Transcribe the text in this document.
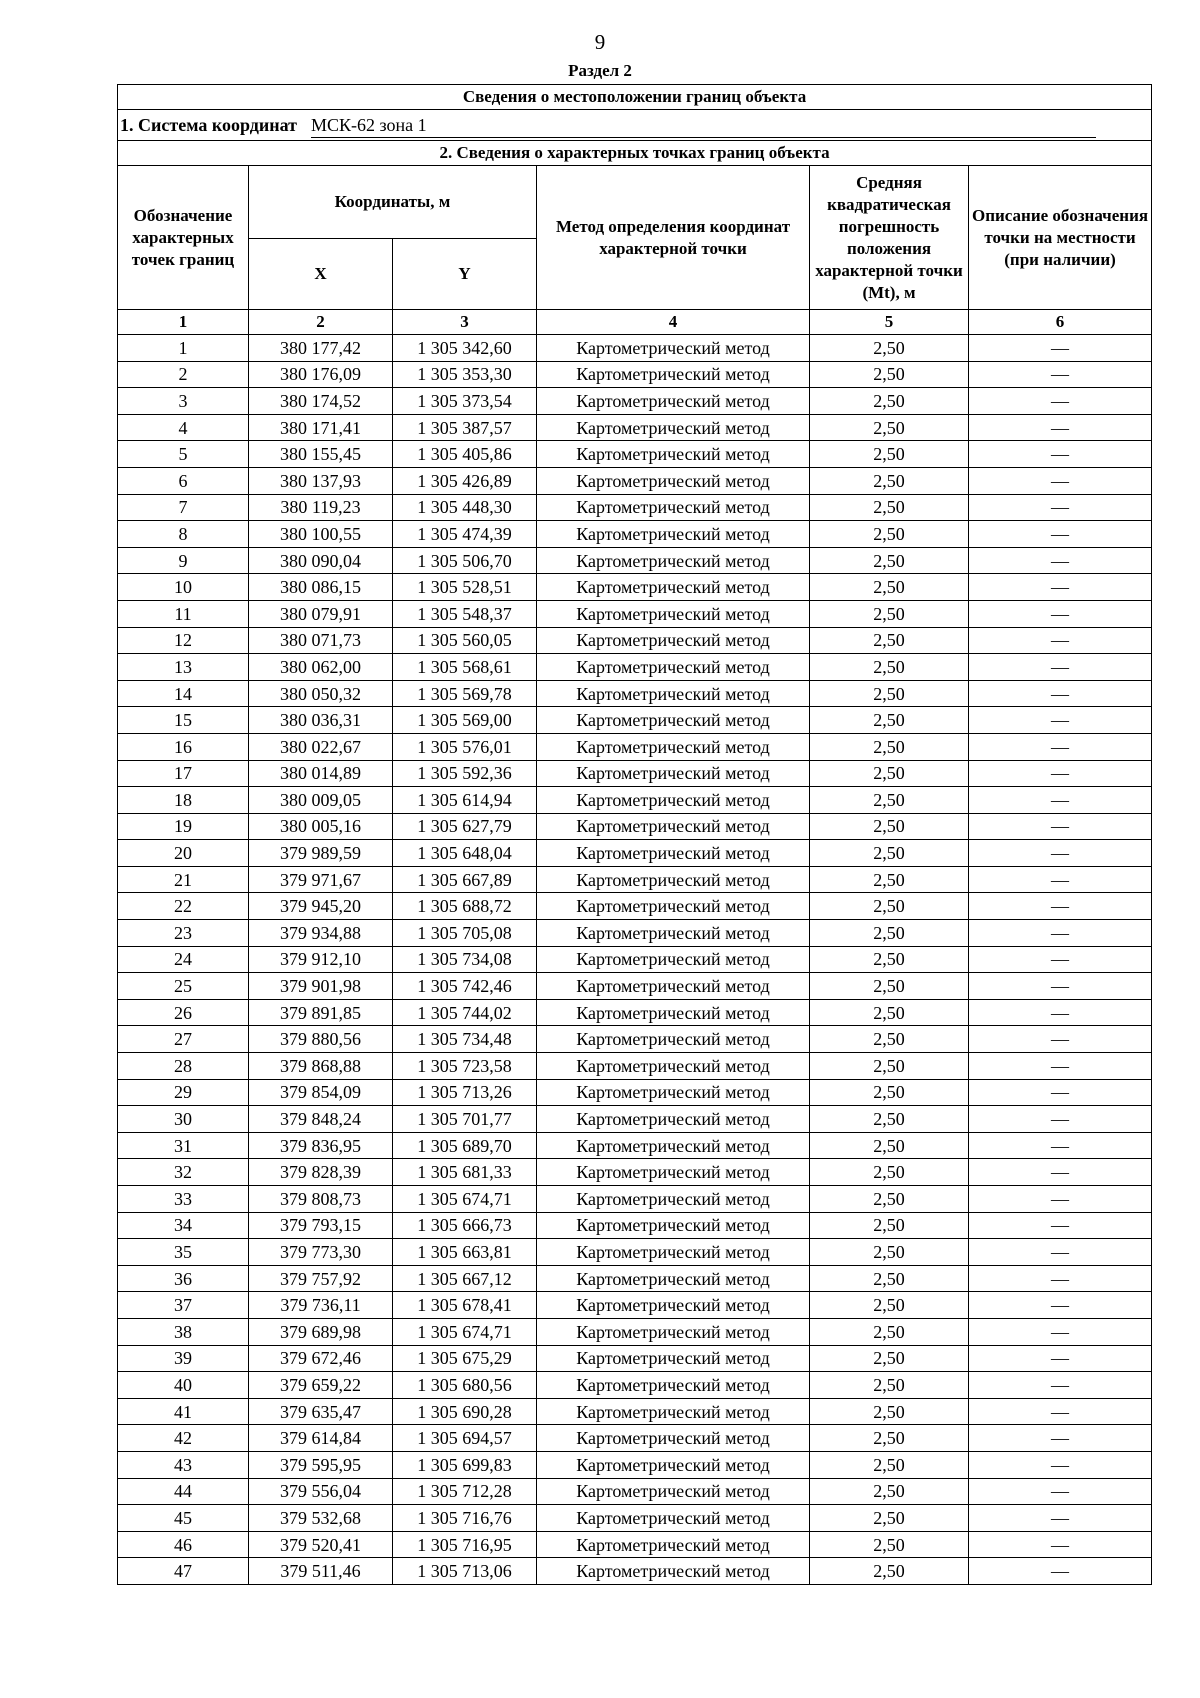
9
Раздел 2
Сведения о местоположении границ объекта					
1. Система координат МСК-62 зона 1					
2. Сведения о характерных точках границ объекта					
Обозначение характерных точек границ	Координаты, м		Метод определения координат характерной точки	Средняя квадратическая погрешность положения характерной точки (Mt), м	Описание обозначения точки на местности (при наличии)
	X	Y			
1	2	3	4	5	6
1	380 177,42	1 305 342,60	Картометрический метод	2,50	—
2	380 176,09	1 305 353,30	Картометрический метод	2,50	—
3	380 174,52	1 305 373,54	Картометрический метод	2,50	—
4	380 171,41	1 305 387,57	Картометрический метод	2,50	—
5	380 155,45	1 305 405,86	Картометрический метод	2,50	—
6	380 137,93	1 305 426,89	Картометрический метод	2,50	—
7	380 119,23	1 305 448,30	Картометрический метод	2,50	—
8	380 100,55	1 305 474,39	Картометрический метод	2,50	—
9	380 090,04	1 305 506,70	Картометрический метод	2,50	—
10	380 086,15	1 305 528,51	Картометрический метод	2,50	—
11	380 079,91	1 305 548,37	Картометрический метод	2,50	—
12	380 071,73	1 305 560,05	Картометрический метод	2,50	—
13	380 062,00	1 305 568,61	Картометрический метод	2,50	—
14	380 050,32	1 305 569,78	Картометрический метод	2,50	—
15	380 036,31	1 305 569,00	Картометрический метод	2,50	—
16	380 022,67	1 305 576,01	Картометрический метод	2,50	—
17	380 014,89	1 305 592,36	Картометрический метод	2,50	—
18	380 009,05	1 305 614,94	Картометрический метод	2,50	—
19	380 005,16	1 305 627,79	Картометрический метод	2,50	—
20	379 989,59	1 305 648,04	Картометрический метод	2,50	—
21	379 971,67	1 305 667,89	Картометрический метод	2,50	—
22	379 945,20	1 305 688,72	Картометрический метод	2,50	—
23	379 934,88	1 305 705,08	Картометрический метод	2,50	—
24	379 912,10	1 305 734,08	Картометрический метод	2,50	—
25	379 901,98	1 305 742,46	Картометрический метод	2,50	—
26	379 891,85	1 305 744,02	Картометрический метод	2,50	—
27	379 880,56	1 305 734,48	Картометрический метод	2,50	—
28	379 868,88	1 305 723,58	Картометрический метод	2,50	—
29	379 854,09	1 305 713,26	Картометрический метод	2,50	—
30	379 848,24	1 305 701,77	Картометрический метод	2,50	—
31	379 836,95	1 305 689,70	Картометрический метод	2,50	—
32	379 828,39	1 305 681,33	Картометрический метод	2,50	—
33	379 808,73	1 305 674,71	Картометрический метод	2,50	—
34	379 793,15	1 305 666,73	Картометрический метод	2,50	—
35	379 773,30	1 305 663,81	Картометрический метод	2,50	—
36	379 757,92	1 305 667,12	Картометрический метод	2,50	—
37	379 736,11	1 305 678,41	Картометрический метод	2,50	—
38	379 689,98	1 305 674,71	Картометрический метод	2,50	—
39	379 672,46	1 305 675,29	Картометрический метод	2,50	—
40	379 659,22	1 305 680,56	Картометрический метод	2,50	—
41	379 635,47	1 305 690,28	Картометрический метод	2,50	—
42	379 614,84	1 305 694,57	Картометрический метод	2,50	—
43	379 595,95	1 305 699,83	Картометрический метод	2,50	—
44	379 556,04	1 305 712,28	Картометрический метод	2,50	—
45	379 532,68	1 305 716,76	Картометрический метод	2,50	—
46	379 520,41	1 305 716,95	Картометрический метод	2,50	—
47	379 511,46	1 305 713,06	Картометрический метод	2,50	—
